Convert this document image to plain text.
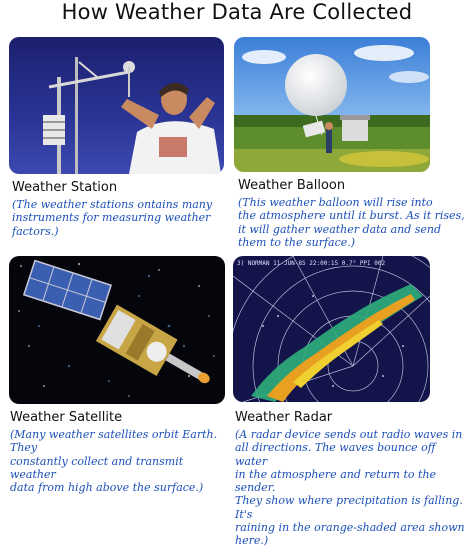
How Weather Data Are Collected
3) NORMAN 11-JUN-85 22:00:15 0.7° PPI 002
Weather Station	Weather Balloon
Weather Satellite	Weather Radar
(The weather stations ontains many
instruments for measuring weather
factors.)
(This weather balloon will rise into
the atmosphere until it burst. As it rises,
it will gather weather data and send
them to the surface.)
(Many weather satellites orbit Earth. They
constantly collect and transmit weather
data from high above the surface.)
(A radar device sends out radio waves in
all directions. The waves bounce off water
in the atmosphere and return to the sender.
They show where precipitation is falling. It's
raining in the orange-shaded area shown here.)
